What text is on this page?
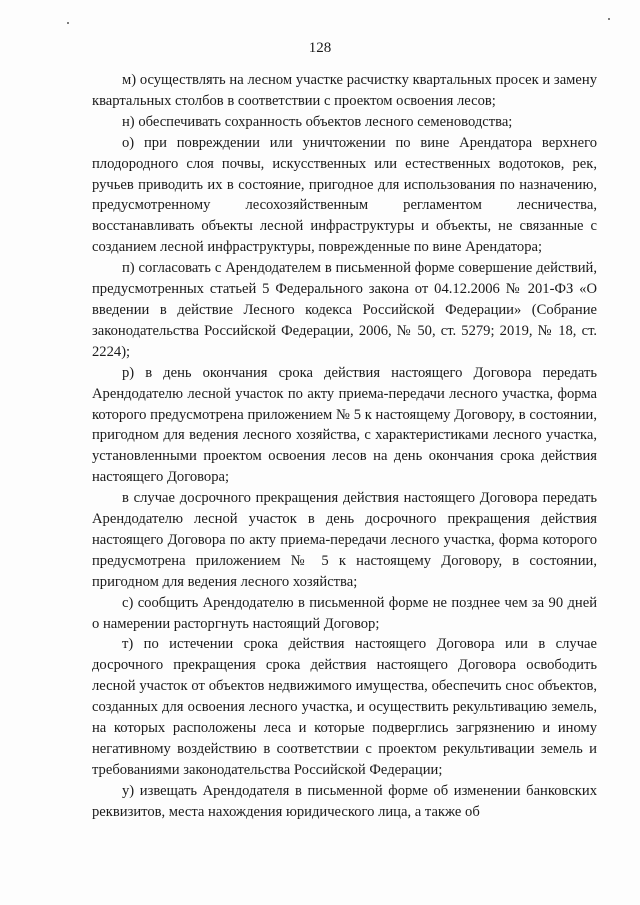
128

м) осуществлять на лесном участке расчистку квартальных просек и замену квартальных столбов в соответствии с проектом освоения лесов;

н) обеспечивать сохранность объектов лесного семеноводства;

о) при повреждении или уничтожении по вине Арендатора верхнего плодородного слоя почвы, искусственных или естественных водотоков, рек, ручьев приводить их в состояние, пригодное для использования по назначению, предусмотренному лесохозяйственным регламентом лесничества, восстанавливать объекты лесной инфраструктуры и объекты, не связанные с созданием лесной инфраструктуры, поврежденные по вине Арендатора;

п) согласовать с Арендодателем в письменной форме совершение действий, предусмотренных статьей 5 Федерального закона от 04.12.2006 № 201-ФЗ «О введении в действие Лесного кодекса Российской Федерации» (Собрание законодательства Российской Федерации, 2006, № 50, ст. 5279; 2019, № 18, ст. 2224);

р) в день окончания срока действия настоящего Договора передать Арендодателю лесной участок по акту приема-передачи лесного участка, форма которого предусмотрена приложением № 5 к настоящему Договору, в состоянии, пригодном для ведения лесного хозяйства, с характеристиками лесного участка, установленными проектом освоения лесов на день окончания срока действия настоящего Договора;

в случае досрочного прекращения действия настоящего Договора передать Арендодателю лесной участок в день досрочного прекращения действия настоящего Договора по акту приема-передачи лесного участка, форма которого предусмотрена приложением № 5 к настоящему Договору, в состоянии, пригодном для ведения лесного хозяйства;

с) сообщить Арендодателю в письменной форме не позднее чем за 90 дней о намерении расторгнуть настоящий Договор;

т) по истечении срока действия настоящего Договора или в случае досрочного прекращения срока действия настоящего Договора освободить лесной участок от объектов недвижимого имущества, обеспечить снос объектов, созданных для освоения лесного участка, и осуществить рекультивацию земель, на которых расположены леса и которые подверглись загрязнению и иному негативному воздействию в соответствии с проектом рекультивации земель и требованиями законодательства Российской Федерации;

у) извещать Арендодателя в письменной форме об изменении банковских реквизитов, места нахождения юридического лица, а также об
